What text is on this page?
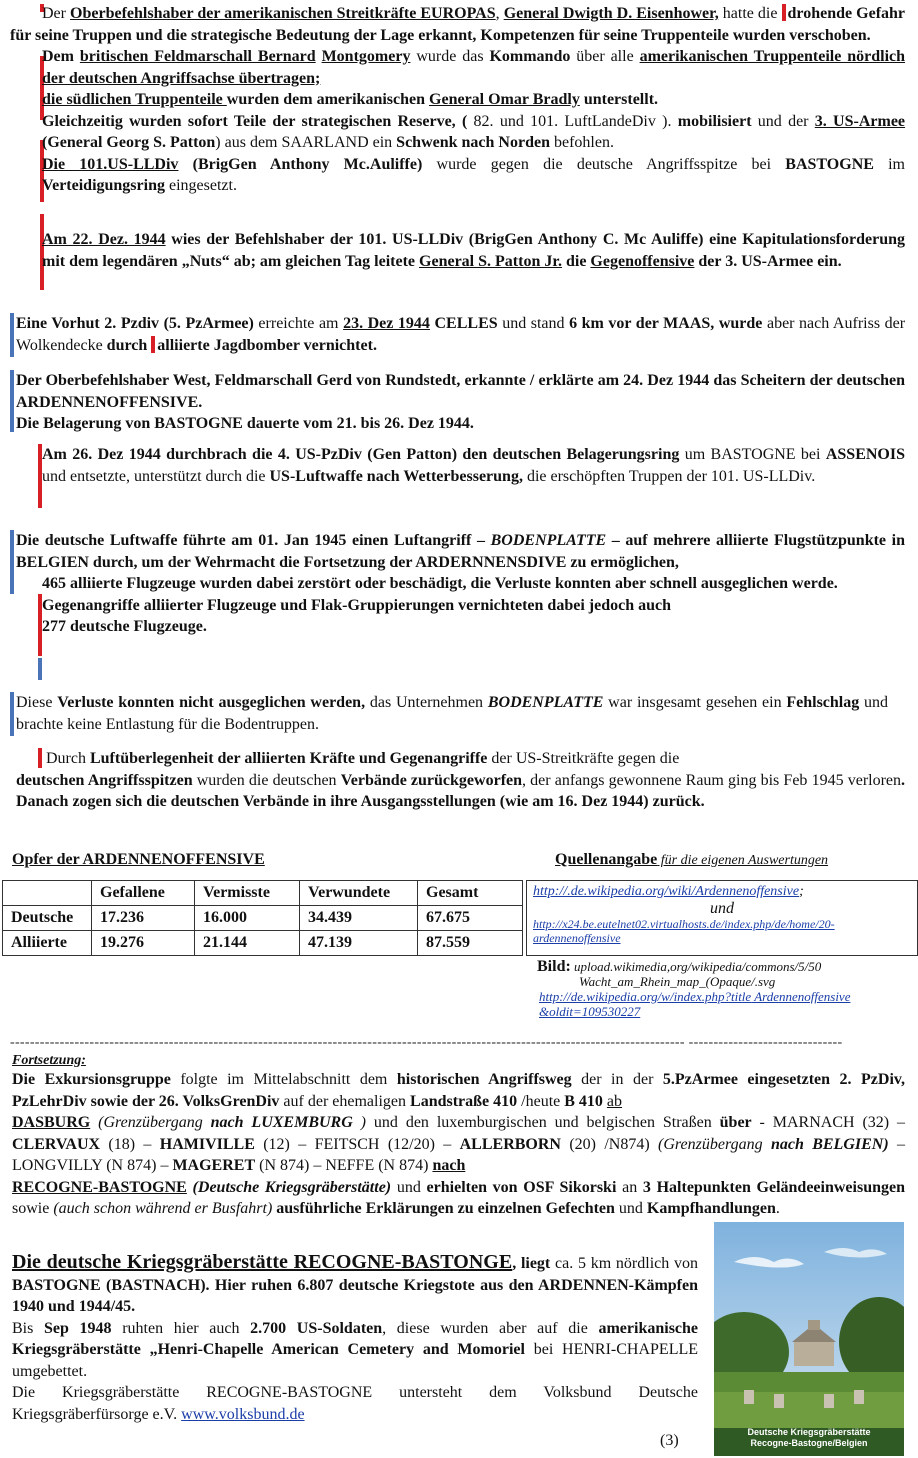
Der Oberbefehlshaber der amerikanischen Streitkräfte EUROPAS, General Dwigth D. Eisenhower, hatte die drohende Gefahr für seine Truppen und die strategische Bedeutung der Lage erkannt, Kompetenzen für seine Truppenteile wurden verschoben.

Dem britischen Feldmarschall Bernard Montgomery wurde das Kommando über alle amerikanischen Truppenteile nördlich der deutschen Angriffsachse übertragen;
die südlichen Truppenteile wurden dem amerikanischen General Omar Bradly unterstellt.
Gleichzeitig wurden sofort Teile der strategischen Reserve, ( 82. und 101. LuftLandeDiv ). mobilisiert und der 3. US-Armee (General Georg S. Patton) aus dem SAARLAND ein Schwenk nach Norden befohlen.
Die 101.US-LLDiv (BrigGen Anthony Mc.Auliffe) wurde gegen die deutsche Angriffsspitze bei BASTOGNE im Verteidigungsring eingesetzt.

Am 22. Dez. 1944 wies der Befehlshaber der 101. US-LLDiv (BrigGen Anthony C. Mc Auliffe) eine Kapitulationsforderung mit dem legendären „Nuts“ ab; am gleichen Tag leitete General S. Patton Jr. die Gegenoffensive der 3. US-Armee ein.

Eine Vorhut 2. Pzdiv (5. PzArmee) erreichte am 23. Dez 1944 CELLES und stand 6 km vor der MAAS, wurde aber nach Aufriss der Wolkendecke durch alliierte Jagdbomber vernichtet.

Der Oberbefehlshaber West, Feldmarschall Gerd von Rundstedt, erkannte / erklärte am 24. Dez 1944 das Scheitern der deutschen ARDENNENOFFENSIVE.
Die Belagerung von BASTOGNE dauerte vom 21. bis 26. Dez 1944.

Am 26. Dez 1944 durchbrach die 4. US-PzDiv (Gen Patton) den deutschen Belagerungsring um BASTOGNE bei ASSENOIS und entsetzte, unterstützt durch die US-Luftwaffe nach Wetterbesserung, die erschöpften Truppen der 101. US-LLDiv.

Die deutsche Luftwaffe führte am 01. Jan 1945 einen Luftangriff – BODENPLATTE – auf mehrere alliierte Flugstützpunkte in BELGIEN durch, um der Wehrmacht die Fortsetzung der ARDERNNENSDIVE zu ermöglichen,

465 alliierte Flugzeuge wurden dabei zerstört oder beschädigt, die Verluste konnten aber schnell ausgeglichen werde.
Gegenangriffe alliierter Flugzeuge und Flak-Gruppierungen vernichteten dabei jedoch auch
277 deutsche Flugzeuge.

Diese Verluste konnten nicht ausgeglichen werden, das Unternehmen BODENPLATTE war insgesamt gesehen ein Fehlschlag und brachte keine Entlastung für die Bodentruppen.

Durch Luftüberlegenheit der alliierten Kräfte und Gegenangriffe der US-Streitkräfte gegen die
deutschen Angriffsspitzen wurden die deutschen Verbände zurückgeworfen, der anfangs gewonnene Raum ging bis Feb 1945 verloren. Danach zogen sich die deutschen Verbände in ihre Ausgangsstellungen (wie am 16. Dez 1944) zurück.

Opfer der ARDENNENOFFENSIVE	Quellenangabe für die eigenen Auswertungen
	Gefallene	Vermisste	Verwundete	Gesamt
Deutsche	17.236	16.000	34.439	67.675
Alliierte	19.276	21.144	47.139	87.559
http://.de.wikipedia.org/wiki/Ardennenoffensive;
und
http://x24.be.eutelnet02.virtualhosts.de/index.php/de/home/20-ardennenoffensive
Bild: upload.wikimedia,org/wikipedia/commons/5/50
Wacht_am_Rhein_map_(Opaque/.svg
http://de.wikipedia.org/w/index.php?title Ardennenoffensive
&oldit=109530227
---------------------------------------------------------------------------------------------------------------------------------------- -------------------------------
Fortsetzung:

Die Exkursionsgruppe folgte im Mittelabschnitt dem historischen Angriffsweg der in der 5.PzArmee eingesetzten 2. PzDiv, PzLehrDiv sowie der 26. VolksGrenDiv auf der ehemaligen Landstraße 410 /heute B 410 ab
DASBURG (Grenzübergang nach LUXEMBURG ) und den luxemburgischen und belgischen Straßen über - MARNACH (32) – CLERVAUX (18) – HAMIVILLE (12) – FEITSCH (12/20) – ALLERBORN (20) /N874) (Grenzübergang nach BELGIEN) – LONGVILLY (N 874) – MAGERET (N 874) – NEFFE (N 874) nach
RECOGNE-BASTOGNE (Deutsche Kriegsgräberstätte) und erhielten von OSF Sikorski an 3 Haltepunkten Geländeeinweisungen sowie (auch schon während er Busfahrt) ausführliche Erklärungen zu einzelnen Gefechten und Kampfhandlungen.

Die deutsche Kriegsgräberstätte RECOGNE-BASTONGE, liegt ca. 5 km nördlich von BASTOGNE (BASTNACH). Hier ruhen 6.807 deutsche Kriegstote aus den ARDENNEN-Kämpfen 1940 und 1944/45.
Bis Sep 1948 ruhten hier auch 2.700 US-Soldaten, diese wurden aber auf die amerikanische Kriegsgräberstätte „Henri-Chapelle American Cemetery and Momoriel bei HENRI-CHAPELLE umgebettet.
Die Kriegsgräberstätte RECOGNE-BASTOGNE untersteht dem Volksbund Deutsche Kriegsgräberfürsorge e.V. www.volksbund.de

Deutsche Kriegsgräberstätte
Recogne-Bastogne/Belgien
(3)
